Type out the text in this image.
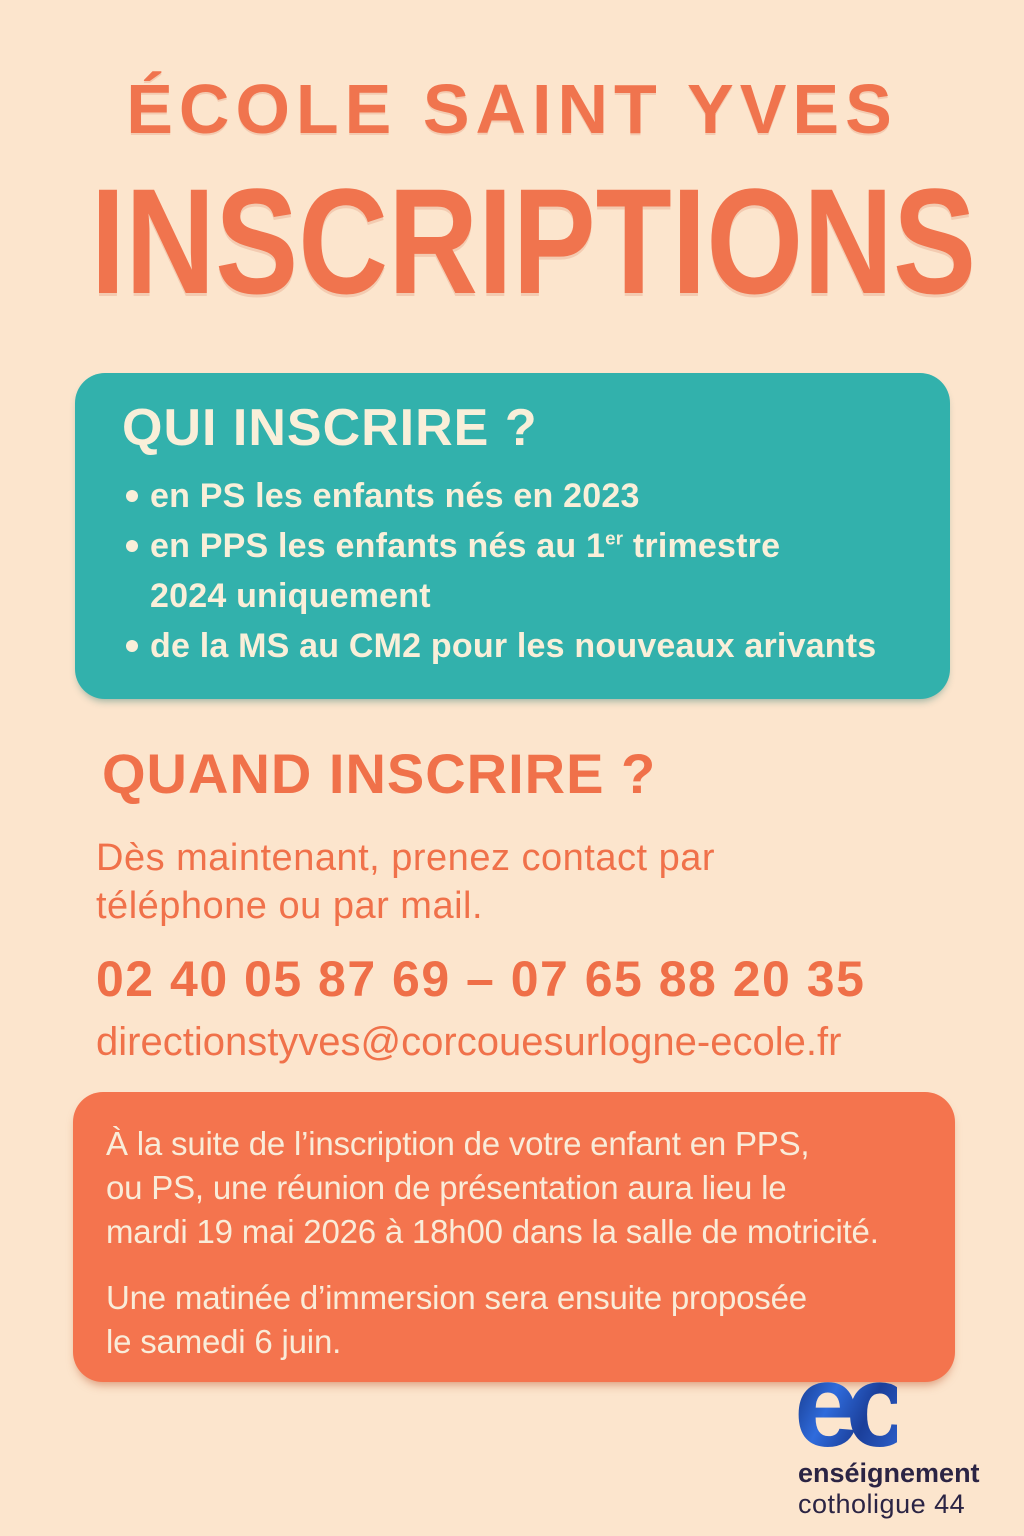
ÉCOLE SAINT YVES
INSCRIPTIONS
QUI INSCRIRE ?
en PS les enfants nés en 2023
en PPS les enfants nés au 1er trimestre
2024 uniquement
de la MS au CM2 pour les nouveaux arivants
QUAND INSCRIRE ?
Dès maintenant, prenez contact par
téléphone ou par mail.
02 40 05 87 69 – 07 65 88 20 35
directionstyves@corcouesurlogne-ecole.fr

À la suite de l’inscription de votre enfant en PPS,
ou PS, une réunion de présentation aura lieu le
mardi 19 mai 2026 à 18h00 dans la salle de motricité.

Une matinée d’immersion sera ensuite proposée
le samedi 6 juin.	ec
enséignement
cotholigue 44
